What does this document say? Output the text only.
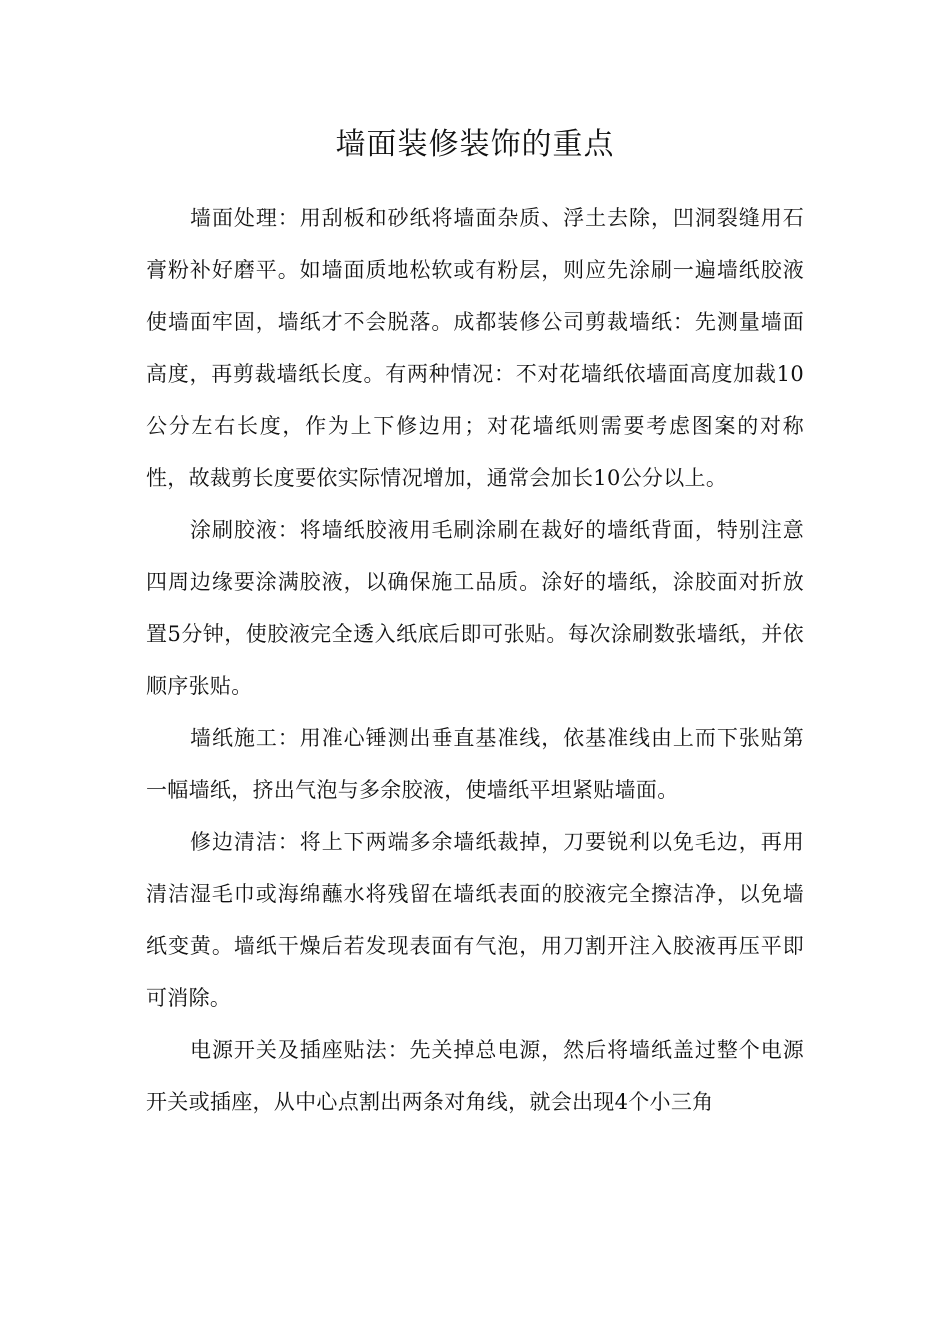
墙面装修装饰的重点

墙面处理：用刮板和砂纸将墙面杂质、浮土去除，凹洞裂缝用石膏粉补好磨平。如墙面质地松软或有粉层，则应先涂刷一遍墙纸胶液使墙面牢固，墙纸才不会脱落。成都装修公司剪裁墙纸：先测量墙面高度，再剪裁墙纸长度。有两种情况：不对花墙纸依墙面高度加裁10公分左右长度，作为上下修边用；对花墙纸则需要考虑图案的对称性，故裁剪长度要依实际情况增加，通常会加长10公分以上。

涂刷胶液：将墙纸胶液用毛刷涂刷在裁好的墙纸背面，特别注意四周边缘要涂满胶液，以确保施工品质。涂好的墙纸，涂胶面对折放置5分钟，使胶液完全透入纸底后即可张贴。每次涂刷数张墙纸，并依顺序张贴。

墙纸施工：用准心锤测出垂直基准线，依基准线由上而下张贴第一幅墙纸，挤出气泡与多余胶液，使墙纸平坦紧贴墙面。

修边清洁：将上下两端多余墙纸裁掉，刀要锐利以免毛边，再用清洁湿毛巾或海绵蘸水将残留在墙纸表面的胶液完全擦洁净，以免墙纸变黄。墙纸干燥后若发现表面有气泡，用刀割开注入胶液再压平即可消除。

电源开关及插座贴法：先关掉总电源，然后将墙纸盖过整个电源开关或插座，从中心点割出两条对角线，就会出现4个小三角
